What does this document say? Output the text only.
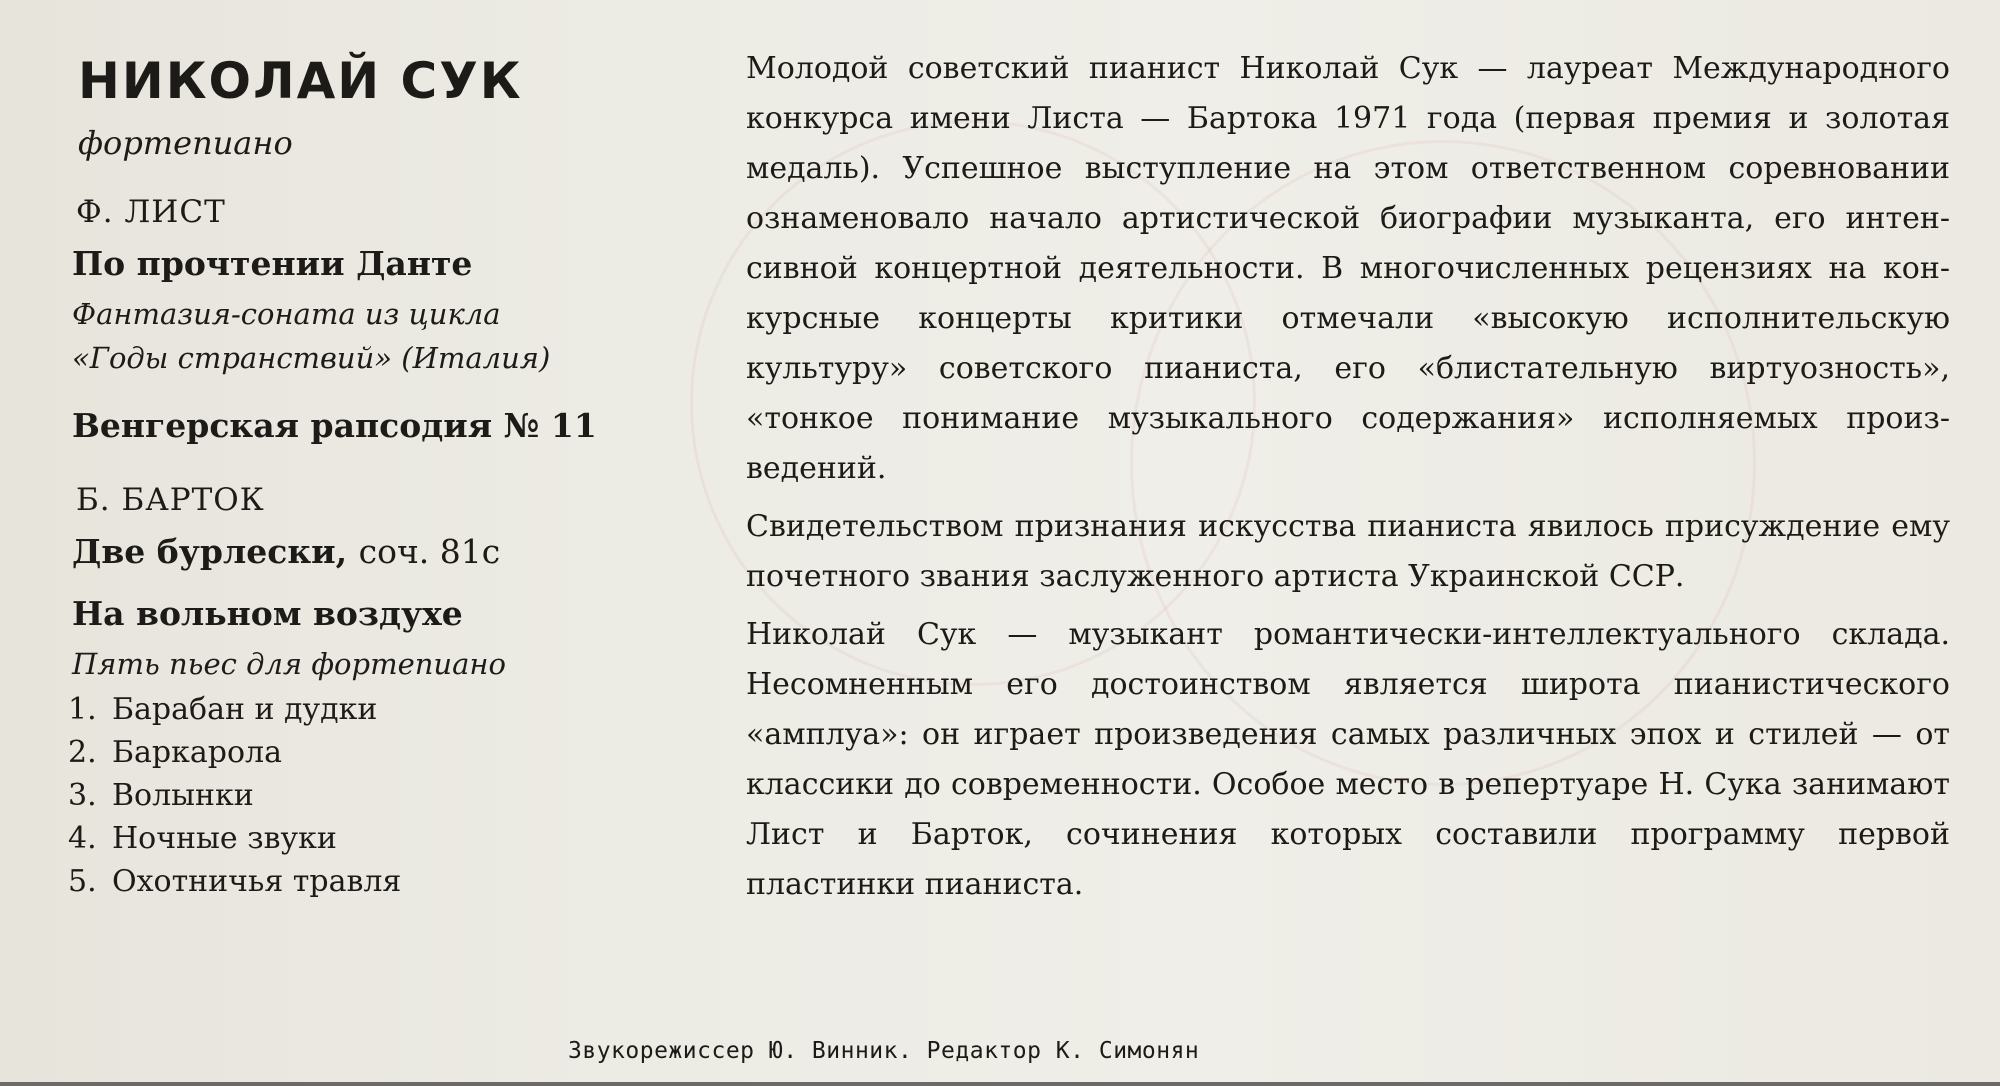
НИКОЛАЙ СУК
фортепиано
Ф. ЛИСТ
По прочтении Данте
Фантазия-соната из цикла
«Годы странствий» (Италия)
Венгерская рапсодия № 11
Б. БАРТОК
Две бурлески, соч. 81с
На вольном воздухе
Пять пьес для фортепиано
1. Барабан и дудки
2. Баркарола
3. Волынки
4. Ночные звуки
5. Охотничья травля

Молодой советский пианист Николай Сук — лауреат Международного конкурса имени Листа — Бартока 1971 года (первая премия и золотая медаль). Успешное выступление на этом ответственном соревновании ознаменовало начало артистической биографии музыканта, его интенсивной концертной деятельности. В многочисленных рецензиях на конкурсные концерты критики отмечали «высокую исполнительскую культуру» советского пианиста, его «блистательную виртуозность», «тонкое понимание музыкального содержания» исполняемых произведений.

Свидетельством признания искусства пианиста явилось присуждение ему почетного звания заслуженного артиста Украинской ССР.

Николай Сук — музыкант романтически-интеллектуального склада. Несомненным его достоинством является широта пианистического «амплуа»: он играет произведения самых различных эпох и стилей — от классики до современности. Особое место в репертуаре Н. Сука занимают Лист и Барток, сочинения которых составили программу первой пластинки пианиста.

Звукорежиссер Ю. Винник. Редактор К. Симонян
